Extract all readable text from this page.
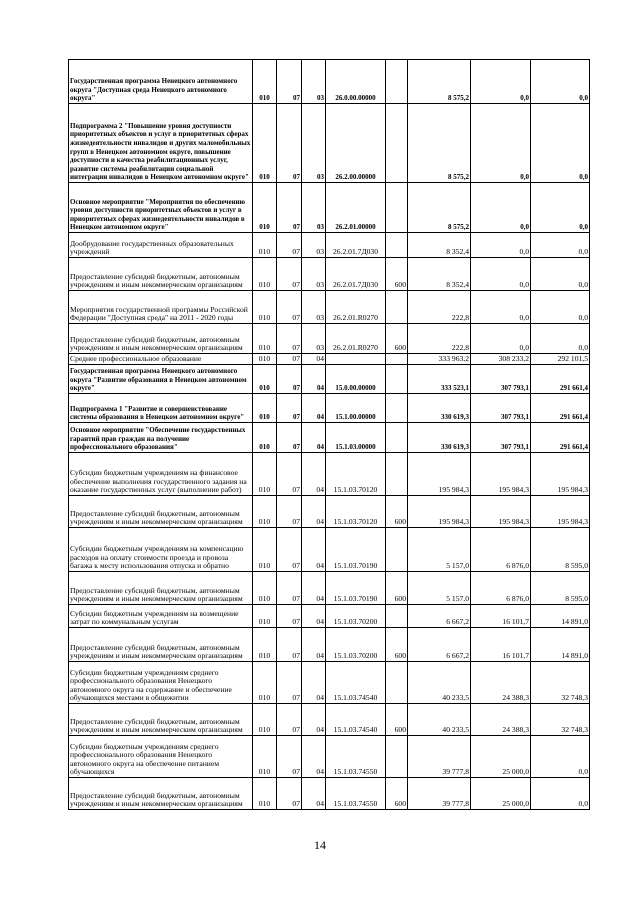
Государственная программа Ненецкого автономного округа "Доступная среда Ненецкого автономного округа"	010	07	03	26.0.00.00000		8 575,2	0,0	0,0
Подпрограмма 2 "Повышение уровня доступности приоритетных объектов и услуг в приоритетных сферах жизнедеятельности инвалидов и других маломобильных групп в Ненецком автономном округе, повышение доступности и качества реабилитационных услуг, развитие системы реабилитации социальной интеграции инвалидов в Ненецком автономном округе"	010	07	03	26.2.00.00000		8 575,2	0,0	0,0
Основное мероприятие "Мероприятия по обеспечению уровня доступности приоритетных объектов и услуг в приоритетных сферах жизнедеятельности инвалидов в Ненецком автономном округе"	010	07	03	26.2.01.00000		8 575,2	0,0	0,0
Дообрудование государственных образовательных учреждений	010	07	03	26.2.01.7Д030		8 352,4	0,0	0,0
Предоставление субсидий бюджетным, автономным учреждениям и иным некоммерческим организациям	010	07	03	26.2.01.7Д030	600	8 352,4	0,0	0,0
Мероприятия государственной программы Российской Федерации "Доступная среда" на 2011 - 2020 годы	010	07	03	26.2.01.R0270		222,8	0,0	0,0
Предоставление субсидий бюджетным, автономным учреждениям и иным некоммерческим организациям	010	07	03	26.2.01.R0270	600	222,8	0,0	0,0
Среднее профессиональное образование	010	07	04			333 963,2	308 233,2	292 101,5
Государственная программа Ненецкого автономного округа "Развитие образования в Ненецком автономном округе"	010	07	04	15.0.00.00000		333 523,1	307 793,1	291 661,4
Подпрограмма 1 "Развитие и совершенствование системы образования в Ненецком автономном округе"	010	07	04	15.1.00.00000		330 619,3	307 793,1	291 661,4
Основное мероприятие "Обеспечение государственных гарантий прав граждан на получение профессионального образования"	010	07	04	15.1.03.00000		330 619,3	307 793,1	291 661,4
Субсидии бюджетным учреждениям на финансовое обеспечение выполнения государственного задания на оказание государственных услуг (выполнение работ)	010	07	04	15.1.03.70120		195 984,3	195 984,3	195 984,3
Предоставление субсидий бюджетным, автономным учреждениям и иным некоммерческим организациям	010	07	04	15.1.03.70120	600	195 984,3	195 984,3	195 984,3
Субсидии бюджетным учреждениям на компенсацию расходов на оплату стоимости проезда и провоза багажа к месту использования отпуска и обратно	010	07	04	15.1.03.70190		5 157,0	6 876,0	8 595,0
Предоставление субсидий бюджетным, автономным учреждениям и иным некоммерческим организациям	010	07	04	15.1.03.70190	600	5 157,0	6 876,0	8 595,0
Субсидии бюджетным учреждениям на возмещение затрат по коммунальным услугам	010	07	04	15.1.03.70200		6 667,2	16 101,7	14 891,0
Предоставление субсидий бюджетным, автономным учреждениям и иным некоммерческим организациям	010	07	04	15.1.03.70200	600	6 667,2	16 101,7	14 891,0
Субсидии бюджетным учреждениям среднего профессионального образования Ненецкого автономного округа на содержание и обеспечение обучающихся местами в общежитии	010	07	04	15.1.03.74540		40 233,5	24 388,3	32 748,3
Предоставление субсидий бюджетным, автономным учреждениям и иным некоммерческим организациям	010	07	04	15.1.03.74540	600	40 233,5	24 388,3	32 748,3
Субсидии бюджетным учреждениям среднего профессионального образования Ненецкого автономного округа на обеспечение питанием обучающихся	010	07	04	15.1.03.74550		39 777,8	25 000,0	0,0
Предоставление субсидий бюджетным, автономным учреждениям и иным некоммерческим организациям	010	07	04	15.1.03.74550	600	39 777,8	25 000,0	0,0
14
